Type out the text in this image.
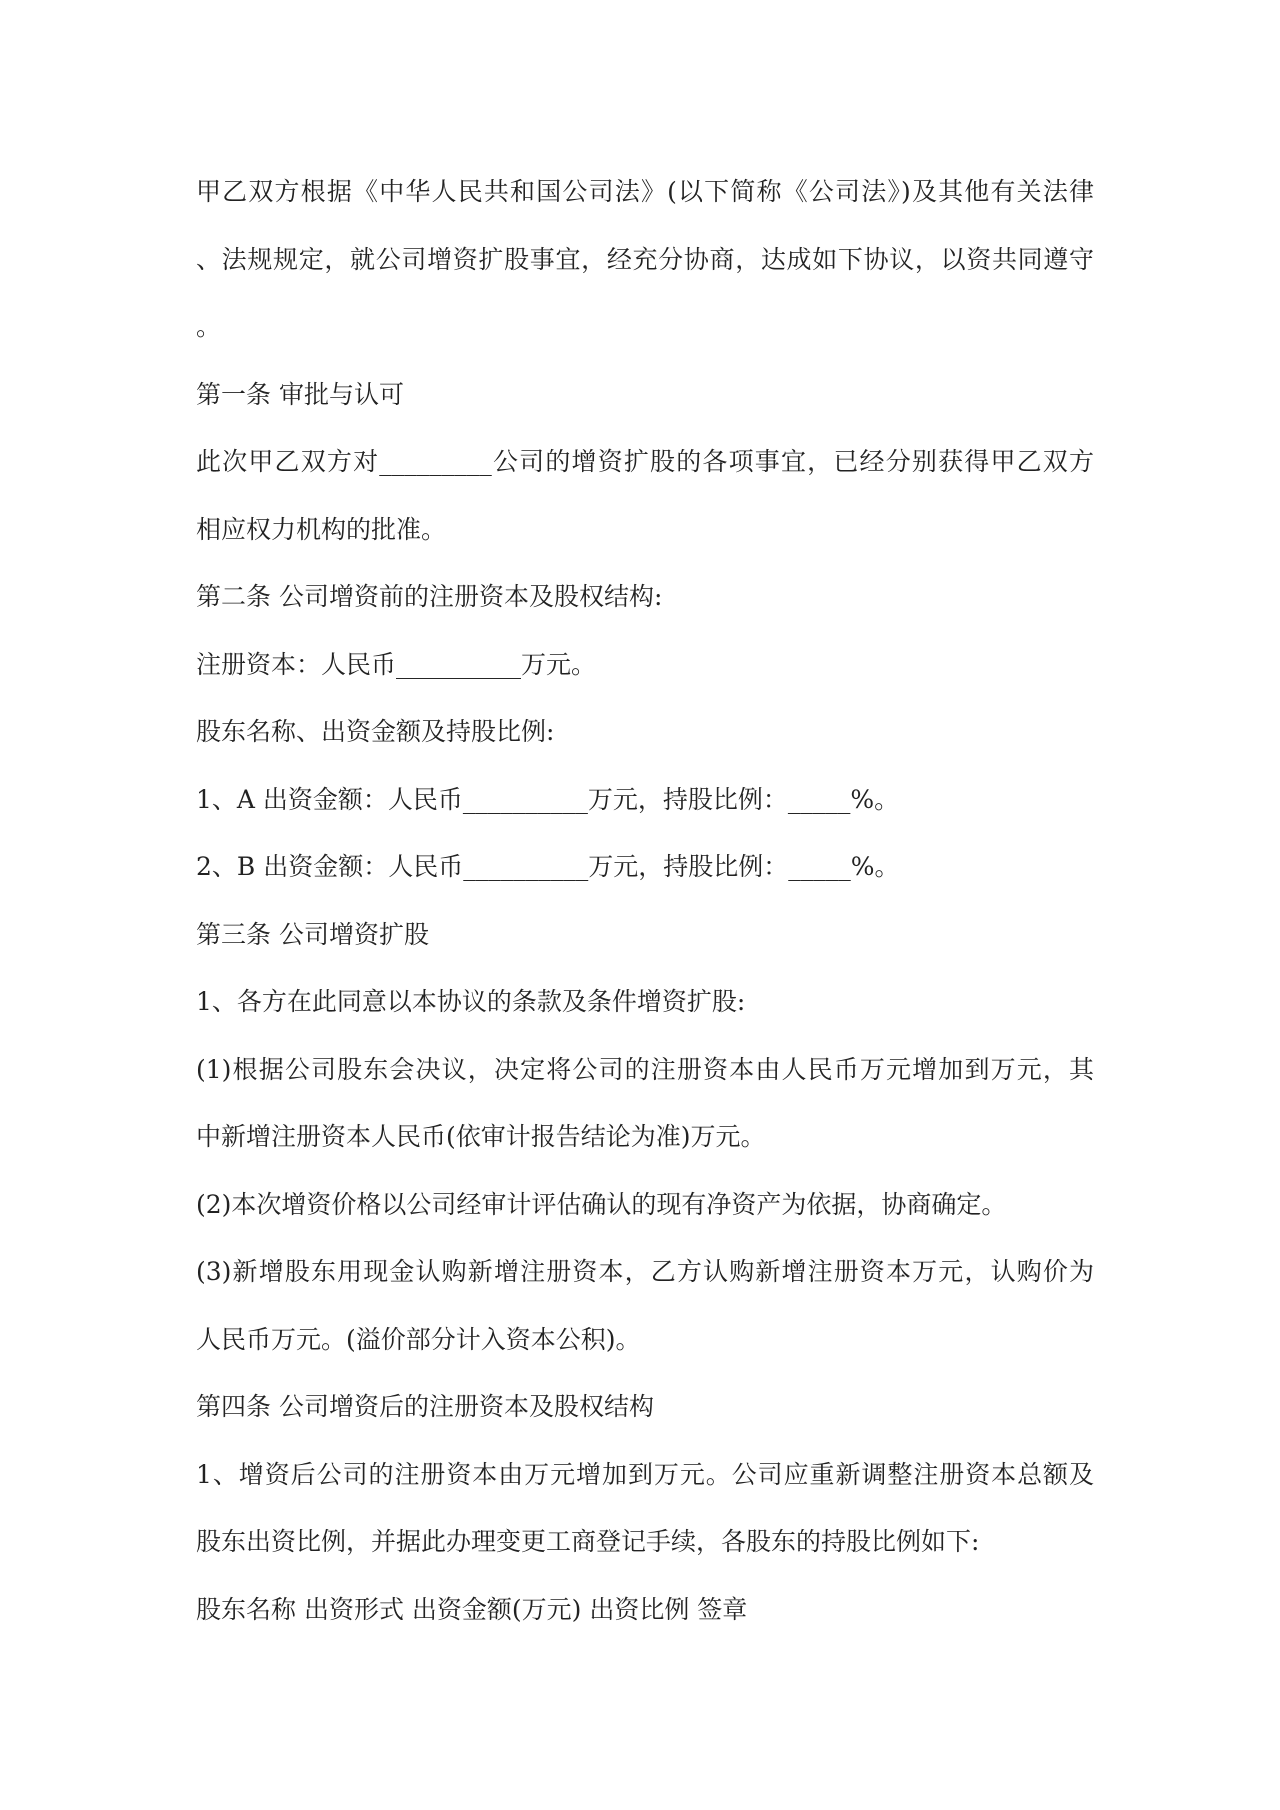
甲乙双方根据《中华人民共和国公司法》(以下简称《公司法》)及其他有关法律
、法规规定，就公司增资扩股事宜，经充分协商，达成如下协议，以资共同遵守
。
第一条 审批与认可
此次甲乙双方对_________公司的增资扩股的各项事宜，已经分别获得甲乙双方
相应权力机构的批准。
第二条 公司增资前的注册资本及股权结构:
注册资本：人民币__________万元。
股东名称、出资金额及持股比例:
1、A 出资金额：人民币__________万元，持股比例：_____%。
2、B 出资金额：人民币__________万元，持股比例：_____%。
第三条 公司增资扩股
1、各方在此同意以本协议的条款及条件增资扩股:
(1)根据公司股东会决议，决定将公司的注册资本由人民币万元增加到万元，其
中新增注册资本人民币(依审计报告结论为准)万元。
(2)本次增资价格以公司经审计评估确认的现有净资产为依据，协商确定。
(3)新增股东用现金认购新增注册资本，乙方认购新增注册资本万元，认购价为
人民币万元。(溢价部分计入资本公积)。
第四条 公司增资后的注册资本及股权结构
1、增资后公司的注册资本由万元增加到万元。公司应重新调整注册资本总额及
股东出资比例，并据此办理变更工商登记手续，各股东的持股比例如下:
股东名称 出资形式 出资金额(万元) 出资比例 签章
